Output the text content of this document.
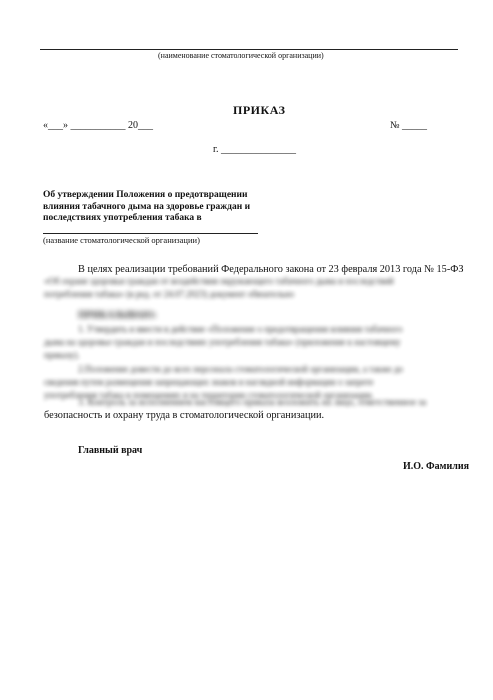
(наименование стоматологической организации)
ПРИКАЗ
«___» ___________ 20___	№ _____
г. _______________
Об утверждении Положения о предотвращении влияния табачного дыма на здоровье граждан и последствиях употребления табака в
(название стоматологической организации)
В целях реализации требований Федерального закона от 23 февраля 2013 года № 15-ФЗ
«Об охране здоровья граждан от воздействия окружающего табачного дыма и последствий
потребления табака» (в ред. от 24.07.2023) документ обязательно
ПРИКАЗЫВАЮ:
1. Утвердить и ввести в действие «Положение о предотвращении влияния табачного
дыма на здоровье граждан и последствиях употребления табака» (приложение к настоящему
приказу).
2.Положение довести до всех персонала стоматологической организации, а также до
сведения путем размещения запрещающих знаков и наглядной информации о запрете
употребления табака в помещениях и на территории стоматологической организации.
3. Контроль за исполнением настоящего приказа возложить на лицо, ответственное за
безопасность и охрану труда в стоматологической организации.
Главный врач
И.О. Фамилия
